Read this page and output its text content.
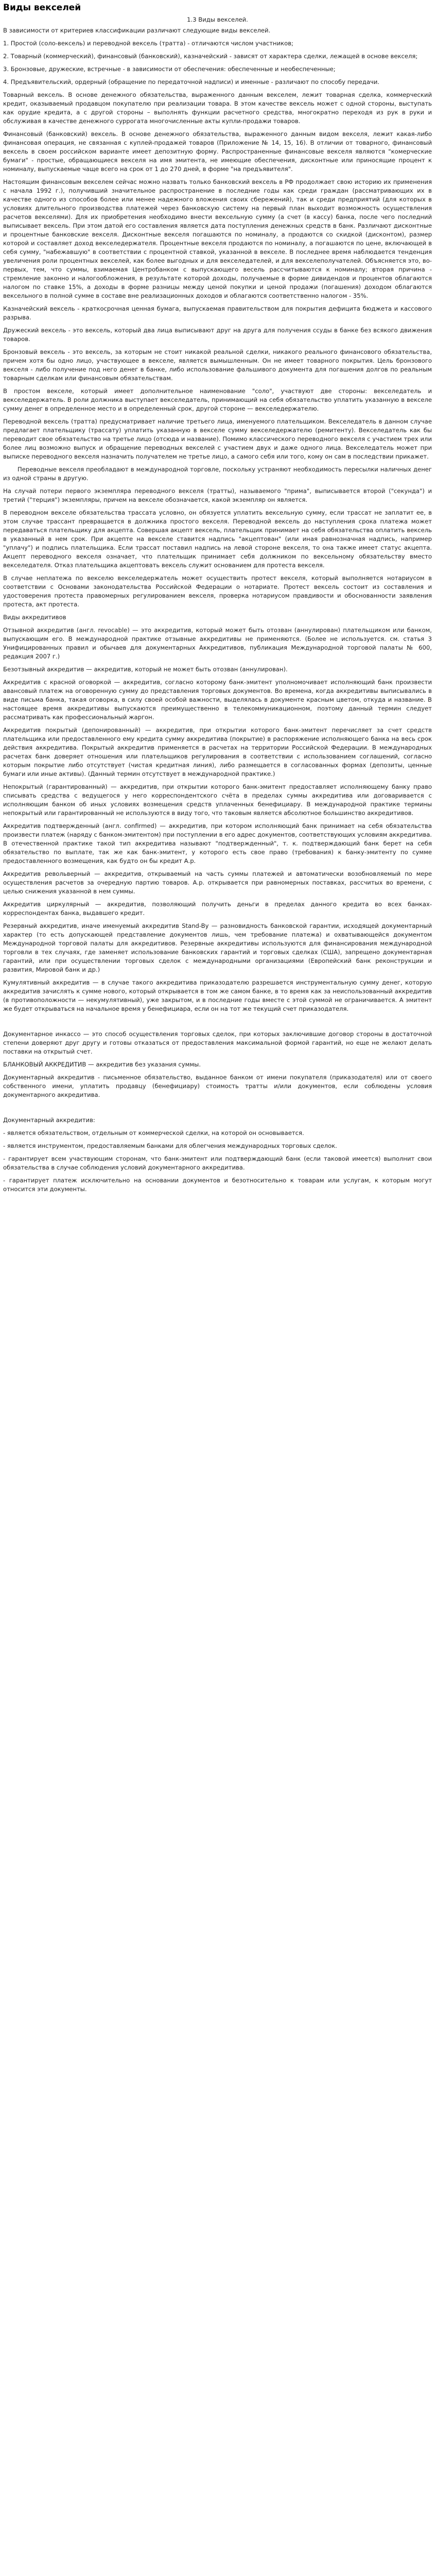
Виды векселей
1.3 Виды векселей.

В зависимости от критериев классификации различают следующие виды векселей.

1. Простой (соло-вексель) и переводной вексель (тратта) - отличаются числом участников;

2. Товарный (коммерческий), финансовый (банковский), казначейский - зависят от характера сделки, лежащей в основе векселя;

3. Бронзовые, дружеские, встречные - в зависимости от обеспечения: обеспеченные и необеспеченные;

4. Предъявительский, ордерный (обращение по передаточной надписи) и именные - различают по способу передачи.

Товарный вексель. В основе денежного обязательства, выраженного данным векселем, лежит товарная сделка, коммерческий кредит, оказываемый продавцом покупателю при реализации товара. В этом качестве вексель может с одной стороны, выступать как орудие кредита, а с другой стороны – выполнять функции расчетного средства, многократно переходя из рук в руки и обслуживая в качестве денежного суррогата многочисленные акты купли-продажи товаров.

Финансовый (банковский) вексель. В основе денежного обязательства, выраженного данным видом векселя, лежит какая-либо финансовая операция, не связанная с куплей-продажей товаров (Приложение № 14, 15, 16). В отличии от товарного, финансовый вексель в своем российском варианте имеет депозитную форму. Распространенные финансовые векселя являются "комерческие бумаги" - простые, обращающиеся векселя на имя эмитента, не имеющие обеспечения, дисконтные или приносящие процент к номиналу, выпускаемые чаще всего на срок от 1 до 270 дней, в форме "на предъявителя".

Настоящим финансовым векселем сейчас можно назвать только банковский вексель в РФ продолжает свою историю их применения с начала 1992 г.), получивший значительное распространение в последние годы как среди граждан (рассматривающих их в качестве одного из способов более или менее надежного вложения своих сбережений), так и среди предприятий (для которых в условиях длительного производства платежей через банковскую систему на первый план выходит возможность осуществления расчетов векселями). Для их приобретения необходимо внести вексельную сумму (а счет (в кассу) банка, после чего последний выписывает вексель. При этом датой его составления является дата поступления денежных средств в банк. Различают дисконтные и процентные банковские векселя. Дисконтные векселя погашаются по номиналу, а продаются со скидкой (дисконтом), размер которой и составляет доход векселедержателя. Процентные векселя продаются по номиналу, а погашаются по цене, включающей в себя сумму, "набежавшую" в соответствии с процентной ставкой, указанной в векселе. В последнее время наблюдается тенденция увеличения роли процентных векселей, как более выгодных и для векселедателей, и для векселеполучателей. Объясняется это, во-первых, тем, что суммы, взимаемая Центробанком с выпускающего весель рассчитываются к номиналу; вторая причина - стремление законно и налогообложения, в результате которой доходы, получаемые в форме дивидендов и процентов облагаются налогом по ставке 15%, а доходы в форме разницы между ценой покупки и ценой продажи (погашения) доходом облагаются вексельного в полной сумме в составе вне реализационных доходов и облагаются соответственно налогом - 35%.

Казначейский вексель - краткосрочная ценная бумага, выпускаемая правительством для покрытия дефицита бюджета и кассового разрыва.

Дружеский вексель - это вексель, который два лица выписывают друг на друга для получения ссуды в банке без всякого движения товаров.

Бронзовый вексель - это вексель, за которым не стоит никакой реальной сделки, никакого реального финансового обязательства, причем хотя бы одно лицо, участвующее в векселе, является вымышленным. Он не имеет товарного покрытия. Цель бронзового векселя - либо получение под него денег в банке, либо использование фальшивого документа для погашения долгов по реальным товарным сделкам или финансовым обязательствам.

В простом векселе, который имеет дополнительное наименование "соло", участвуют две стороны: векселедатель и векселедержатель. В роли должника выступает векселедатель, принимающий на себя обязательство уплатить указанную в векселе сумму денег в определенное место и в определенный срок, другой стороне — векселедержателю.

Переводной вексель (тратта) предусматривает наличие третьего лица, именуемого плательщиком. Векселедатель в данном случае предлагает плательщику (трассату) уплатить указанную в векселе сумму векселедержателю (ремитенту). Векселедатель как бы переводит свое обязательство на третье лицо (отсюда и название). Помимо классического переводного векселя с участием трех или более лиц возможно выпуск и обращение переводных векселей с участием двух и даже одного лица. Векселедатель может при выписке переводного векселя назначить получателем не третье лицо, а самого себя или того, кому он сам в последствии прикажет.

Переводные векселя преобладают в международной торговле, поскольку устраняют необходимость пересылки наличных денег из одной страны в другую.

На случай потери первого экземпляра переводного векселя (тратты), называемого "прима", выписывается второй ("секунда") и третий ("терция") экземпляры, причем на векселе обозначается, какой экземпляр он является.

В переводном векселе обязательства трассата условно, он обязуется уплатить вексельную сумму, если трассат не заплатит ее, в этом случае трассант превращается в должника простого векселя. Переводной вексель до наступления срока платежа может передаваться плательщику для акцепта. Совершая акцепт вексель, плательщик принимает на себя обязательства оплатить вексель в указанный в нем срок. При акцепте на векселе ставится надпись "акцептован" (или иная равнозначная надпись, например "уплачу") и подпись плательщика. Если трассат поставил надпись на левой стороне векселя, то она также имеет статус акцепта. Акцепт переводного векселя означает, что плательщик принимает себя должником по вексельному обязательству вместо векселедателя. Отказ плательщика акцептовать вексель служит основанием для протеста векселя.

В случае неплатежа по векселю векселедержатель может осуществить протест векселя, который выполняется нотариусом в соответствии с Основами законодательства Российской Федерации о нотариате. Протест вексель состоит из составления и удостоверения протеста правомерных регулированием векселя, проверка нотариусом правдивости и обоснованности заявления протеста, акт протеста.

Виды аккредитивов

Отзывной аккредитив (англ. revocable) — это аккредитив, который может быть отозван (аннулирован) плательщиком или банком, выпускающим его. В международной практике отзывные аккредитивы не применяются. (Более не используется. см. статья 3 Унифицированных правил и обычаев для документарных Аккредитивов, публикация Международной торговой палаты № 600, редакция 2007 г.)

Безотзывный аккредитив — аккредитив, который не может быть отозван (аннулирован).

Аккредитив с красной оговоркой — аккредитив, согласно которому банк-эмитент уполномочивает исполняющий банк произвести авансовый платеж на оговоренную сумму до представления торговых документов. Во времена, когда аккредитивы выписывались в виде письма банка, такая оговорка, в силу своей особой важности, выделялась в документе красным цветом, откуда и название. В настоящее время аккредитивы выпускаются преимущественно в телекоммуникационном, поэтому данный термин следует рассматривать как профессиональный жаргон.

Аккредитив покрытый (депонированный) — аккредитив, при открытии которого банк-эмитент перечисляет за счет средств плательщика или предоставленного ему кредита сумму аккредитива (покрытие) в распоряжение исполняющего банка на весь срок действия аккредитива. Покрытый аккредитив применяется в расчетах на территории Российской Федерации. В международных расчетах банк доверяет отношения или плательщиков регулирования в соответствии с использованием соглашений, согласно которым покрытие либо отсутствует (чистая кредитная линия), либо размещается в согласованных формах (депозиты, ценные бумаги или иные активы). (Данный термин отсутствует в международной практике.)

Непокрытый (гарантированный) — аккредитив, при открытии которого банк-эмитент предоставляет исполняющему банку право списывать средства с ведущегося у него корреспондентского счёта в пределах суммы аккредитива или договаривается с исполняющим банком об иных условиях возмещения средств уплаченных бенефициару. В международной практике термины непокрытый или гарантированный не используются в виду того, что таковым является абсолютное большинство аккредитивов.

Аккредитив подтвержденный (англ. confirmed) — аккредитив, при котором исполняющий банк принимает на себя обязательства произвести платеж (наряду с банком-эмитентом) при поступлении в его адрес документов, соответствующих условиям аккредитива. В отечественной практике такой тип аккредитива называют "подтвержденный", т. к. подтверждающий банк берет на себя обязательство по выплате, так же как банк-эмитент, у которого есть свое право (требования) к банку-эмитенту по сумме предоставленного возмещения, как будто он бы кредит А.р.

Аккредитив револьверный — аккредитив, открываемый на часть суммы платежей и автоматически возобновляемый по мере осуществления расчетов за очередную партию товаров. А.р. открывается при равномерных поставках, рассчитых во времени, с целью снижения указанной в нем суммы.

Аккредитив циркулярный — аккредитив, позволяющий получить деньги в пределах данного кредита во всех банках-корреспондентах банка, выдавшего кредит.

Резервный аккредитив, иначе именуемый аккредитив Stand-By — разновидность банковской гарантии, исходящей документарный характер (то есть допускающей представление документов лишь, чем требование платежа) и охватывающейся документом Международной торговой палаты для аккредитивов. Резервные аккредитивы используются для финансирования международной торговли в тех случаях, где заменяет использование банковских гарантий и торговых сделках (США), запрещено документарная гарантий, или при осуществлении торговых сделок с международными организациями (Европейский банк реконструкции и развития, Мировой банк и др.)

Кумулятивный аккредитив — в случае такого аккредитива приказодателю разрешается инструментальную сумму денег, которую аккредитив зачислять к сумме нового, который открывается в том же самом банке, в то время как за неиспользованный аккредитив (в противоположности — некумулятивный), уже закрытом, и в последние годы вместе с этой суммой не ограничивается. А эмитент же будет открываться на начальное время у бенефициара, если он на тот же текущий счет приказодателя.

Документарное инкассо — это способ осуществления торговых сделок, при которых заключившие договор стороны в достаточной степени доверяют друг другу и готовы отказаться от предоставления максимальной формой гарантий, но еще не желают делать поставки на открытый счет.

БЛАНКОВЫЙ АККРЕДИТИВ — аккредитив без указания суммы.

Документарный аккредитив - письменное обязательство, выданное банком от имени покупателя (приказодателя) или от своего собственного имени, уплатить продавцу (бенефициару) стоимость тратты и/или документов, если соблюдены условия документарного аккредитива.

Документарный аккредитив:

- является обязательством, отдельным от коммерческой сделки, на которой он основывается.

- является инструментом, предоставляемым банками для облегчения международных торговых сделок.

- гарантирует всем участвующим сторонам, что банк-эмитент или подтверждающий банк (если таковой имеется) выполнит свои обязательства в случае соблюдения условий документарного аккредитива.

- гарантирует платеж исключительно на основании документов и безотносительно к товарам или услугам, к которым могут относится эти документы.
